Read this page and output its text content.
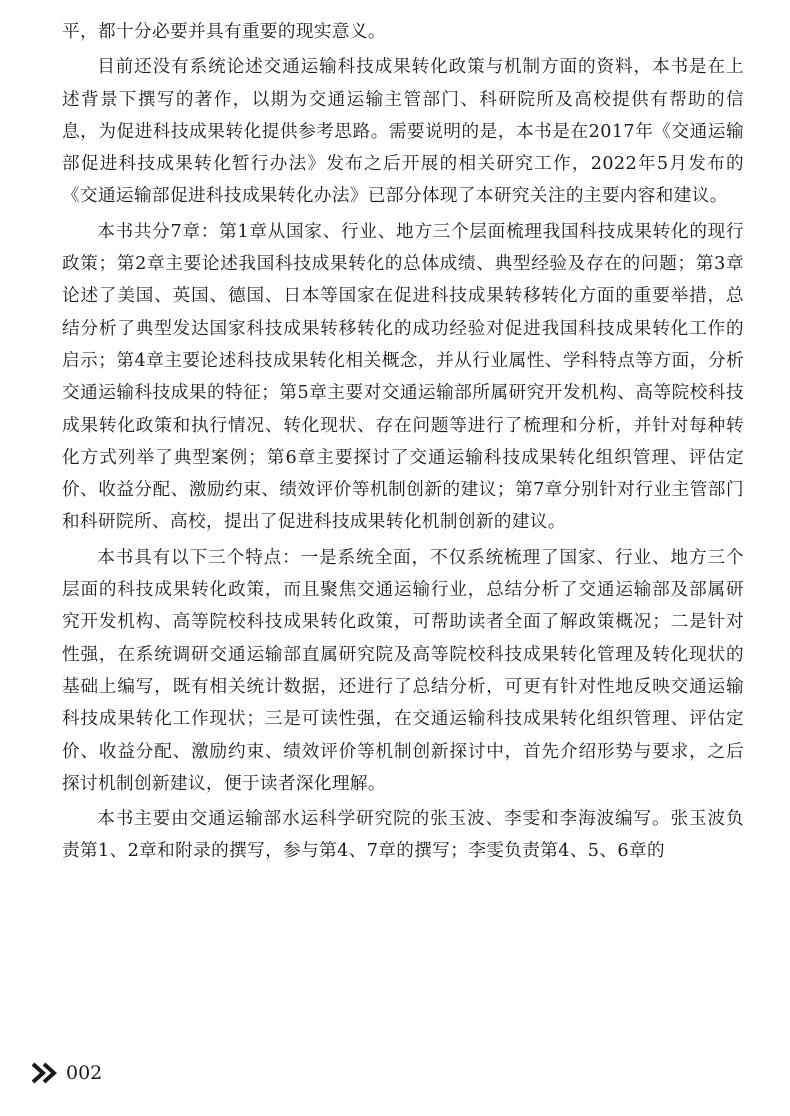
平，都十分必要并具有重要的现实意义。

目前还没有系统论述交通运输科技成果转化政策与机制方面的资料，本书是在上述背景下撰写的著作，以期为交通运输主管部门、科研院所及高校提供有帮助的信息，为促进科技成果转化提供参考思路。需要说明的是，本书是在2017年《交通运输部促进科技成果转化暂行办法》发布之后开展的相关研究工作，2022年5月发布的《交通运输部促进科技成果转化办法》已部分体现了本研究关注的主要内容和建议。

本书共分7章：第1章从国家、行业、地方三个层面梳理我国科技成果转化的现行政策；第2章主要论述我国科技成果转化的总体成绩、典型经验及存在的问题；第3章论述了美国、英国、德国、日本等国家在促进科技成果转移转化方面的重要举措，总结分析了典型发达国家科技成果转移转化的成功经验对促进我国科技成果转化工作的启示；第4章主要论述科技成果转化相关概念，并从行业属性、学科特点等方面，分析交通运输科技成果的特征；第5章主要对交通运输部所属研究开发机构、高等院校科技成果转化政策和执行情况、转化现状、存在问题等进行了梳理和分析，并针对每种转化方式列举了典型案例；第6章主要探讨了交通运输科技成果转化组织管理、评估定价、收益分配、激励约束、绩效评价等机制创新的建议；第7章分别针对行业主管部门和科研院所、高校，提出了促进科技成果转化机制创新的建议。

本书具有以下三个特点：一是系统全面，不仅系统梳理了国家、行业、地方三个层面的科技成果转化政策，而且聚焦交通运输行业，总结分析了交通运输部及部属研究开发机构、高等院校科技成果转化政策，可帮助读者全面了解政策概况；二是针对性强，在系统调研交通运输部直属研究院及高等院校科技成果转化管理及转化现状的基础上编写，既有相关统计数据，还进行了总结分析，可更有针对性地反映交通运输科技成果转化工作现状；三是可读性强，在交通运输科技成果转化组织管理、评估定价、收益分配、激励约束、绩效评价等机制创新探讨中，首先介绍形势与要求，之后探讨机制创新建议，便于读者深化理解。

本书主要由交通运输部水运科学研究院的张玉波、李雯和李海波编写。张玉波负责第1、2章和附录的撰写，参与第4、7章的撰写；李雯负责第4、5、6章的

002
